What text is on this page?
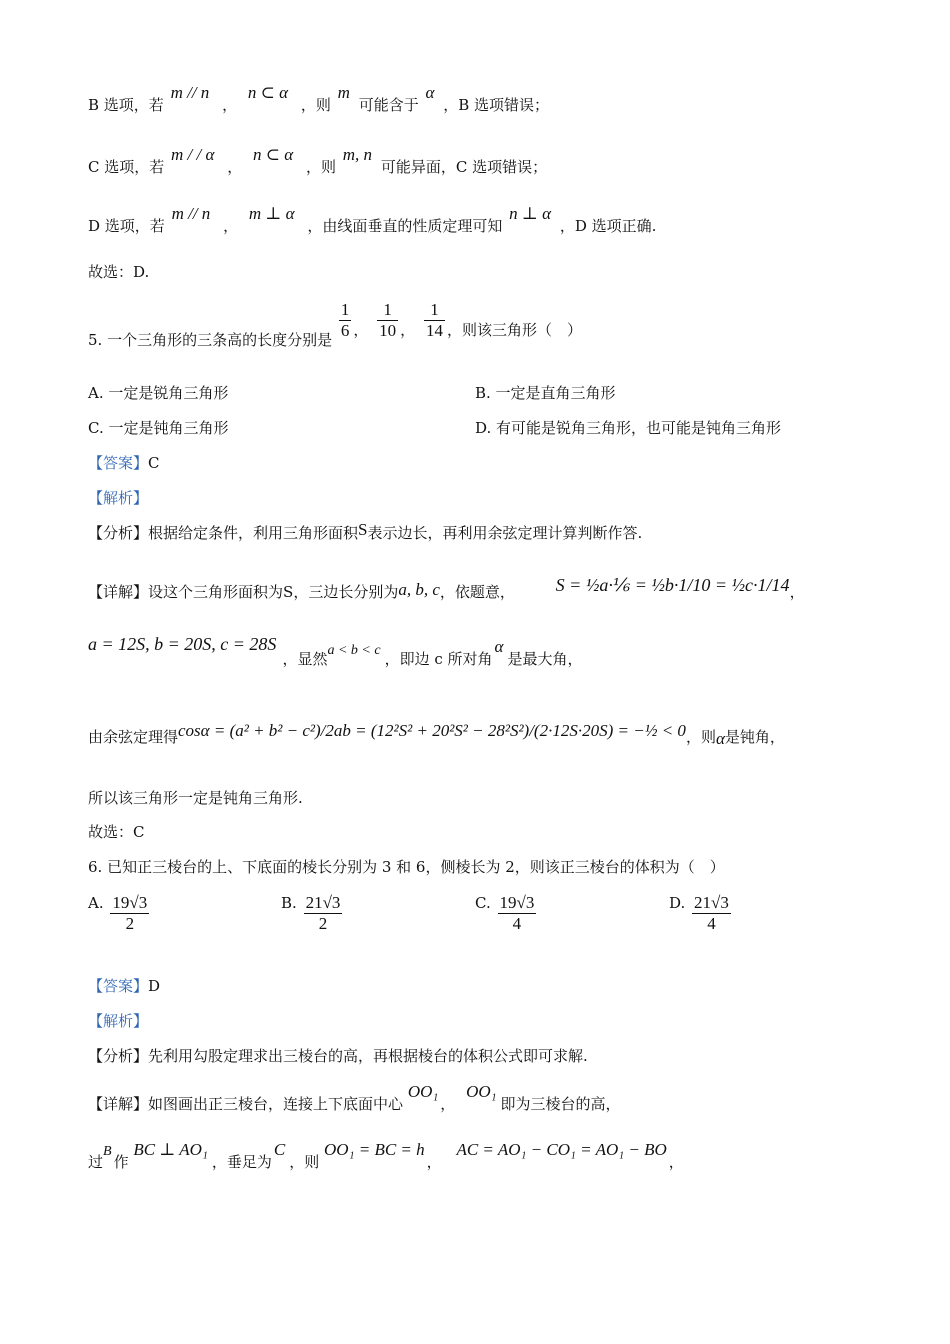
B 选项，若 m // n ， n ⊂ α ，则 m 可能含于 α ，B 选项错误；
C 选项，若 m / / α ， n ⊂ α ，则 m, n 可能异面，C 选项错误；
D 选项，若 m // n ， m ⊥ α ，由线面垂直的性质定理可知 n ⊥ α ，D 选项正确.
故选：D.
5. 一个三角形的三条高的长度分别是 $\frac{1}{6}$ ， $\frac{1}{10}$ ， $\frac{1}{14}$ ，则该三角形（　）
A. 一定是锐角三角形	B. 一定是直角三角形
C. 一定是钝角三角形	D. 有可能是锐角三角形，也可能是钝角三角形
【答案】C
【解析】
【分析】根据给定条件，利用三角形面积S表示边长，再利用余弦定理计算判断作答.
【详解】设这个三角形面积为S，三边长分别为a, b, c，依题意， S = ½a·⅙ = ½b·1/10 = ½c·1/14，
a = 12S, b = 20S, c = 28S，显然a < b < c ，即边 c 所对角α是最大角，
由余弦定理得cosα = (a² + b² − c²)/2ab = (12²S² + 20²S² − 28²S²)/(2·12S·20S) = −½ < 0，则α是钝角，
所以该三角形一定是钝角三角形.
故选：C
6. 已知正三棱台的上、下底面的棱长分别为 3 和 6，侧棱长为 2，则该正三棱台的体积为（　）
A. $\frac{19√3}{2}$	B. $\frac{21√3}{2}$	C. $\frac{19√3}{4}$	D. $\frac{21√3}{4}$
【答案】D
【解析】
【分析】先利用勾股定理求出三棱台的高，再根据棱台的体积公式即可求解.
【详解】如图画出正三棱台，连接上下底面中心 OO₁， OO₁即为三棱台的高，
过B作 BC ⊥ AO₁，垂足为C，则 OO₁ = BC = h， AC = AO₁ − CO₁ = AO₁ − BO，
